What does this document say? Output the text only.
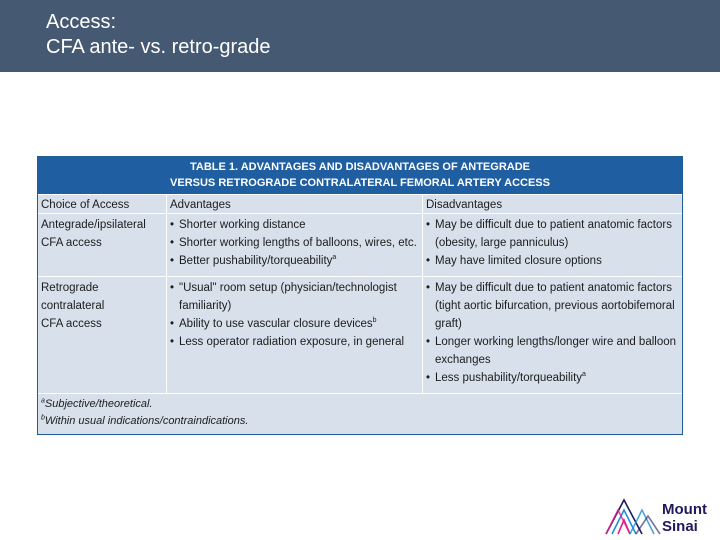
Access:
CFA ante- vs. retro-grade
TABLE 1. ADVANTAGES AND DISADVANTAGES OF ANTEGRADE
VERSUS RETROGRADE CONTRALATERAL FEMORAL ARTERY ACCESS
Choice of Access	Advantages	Disadvantages
Antegrade/ipsilateral
CFA access
• Shorter working distance
• Shorter working lengths of balloons, wires, etc.
• Better pushability/torqueability$^a$
• May be difficult due to patient anatomic factors (obesity, large panniculus)
• May have limited closure options
Retrograde contralateral
CFA access
• "Usual" room setup (physician/technologist familiarity)
• Ability to use vascular closure devices$^b$
• Less operator radiation exposure, in general
• May be difficult due to patient anatomic factors (tight aortic bifurcation, previous aortobifemoral graft)
• Longer working lengths/longer wire and balloon exchanges
• Less pushability/torqueability$^a$
$^a$Subjective/theoretical.
$^b$Within usual indications/contraindications.
Mount
Sinai
